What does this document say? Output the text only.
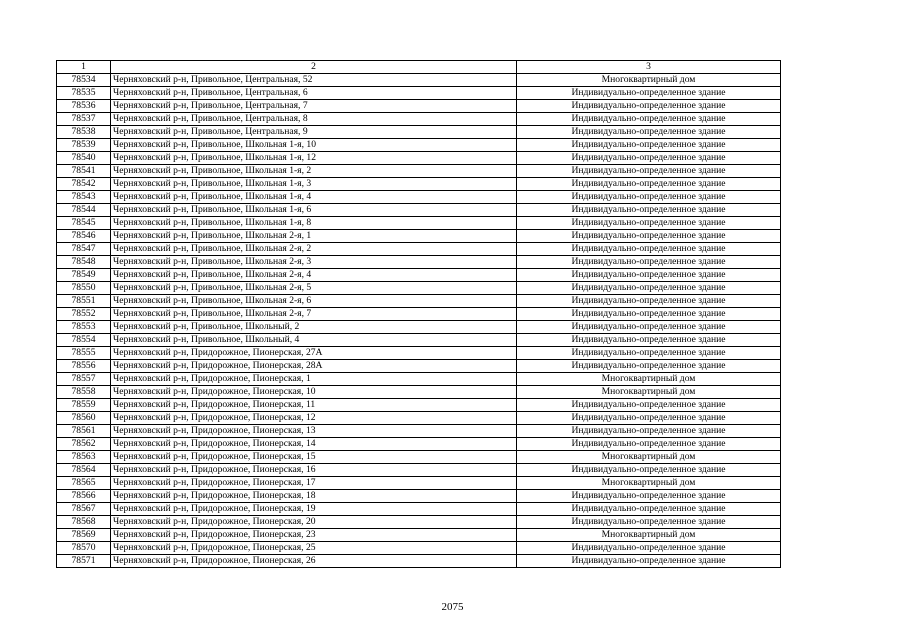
1	2	3
78534	Черняховский р-н, Привольное, Центральная, 52	Многоквартирный дом
78535	Черняховский р-н, Привольное, Центральная, 6	Индивидуально-определенное здание
78536	Черняховский р-н, Привольное, Центральная, 7	Индивидуально-определенное здание
78537	Черняховский р-н, Привольное, Центральная, 8	Индивидуально-определенное здание
78538	Черняховский р-н, Привольное, Центральная, 9	Индивидуально-определенное здание
78539	Черняховский р-н, Привольное, Школьная 1-я, 10	Индивидуально-определенное здание
78540	Черняховский р-н, Привольное, Школьная 1-я, 12	Индивидуально-определенное здание
78541	Черняховский р-н, Привольное, Школьная 1-я, 2	Индивидуально-определенное здание
78542	Черняховский р-н, Привольное, Школьная 1-я, 3	Индивидуально-определенное здание
78543	Черняховский р-н, Привольное, Школьная 1-я, 4	Индивидуально-определенное здание
78544	Черняховский р-н, Привольное, Школьная 1-я, 6	Индивидуально-определенное здание
78545	Черняховский р-н, Привольное, Школьная 1-я, 8	Индивидуально-определенное здание
78546	Черняховский р-н, Привольное, Школьная 2-я, 1	Индивидуально-определенное здание
78547	Черняховский р-н, Привольное, Школьная 2-я, 2	Индивидуально-определенное здание
78548	Черняховский р-н, Привольное, Школьная 2-я, 3	Индивидуально-определенное здание
78549	Черняховский р-н, Привольное, Школьная 2-я, 4	Индивидуально-определенное здание
78550	Черняховский р-н, Привольное, Школьная 2-я, 5	Индивидуально-определенное здание
78551	Черняховский р-н, Привольное, Школьная 2-я, 6	Индивидуально-определенное здание
78552	Черняховский р-н, Привольное, Школьная 2-я, 7	Индивидуально-определенное здание
78553	Черняховский р-н, Привольное, Школьный, 2	Индивидуально-определенное здание
78554	Черняховский р-н, Привольное, Школьный, 4	Индивидуально-определенное здание
78555	Черняховский р-н, Придорожное, Пионерская, 27А	Индивидуально-определенное здание
78556	Черняховский р-н, Придорожное, Пионерская, 28А	Индивидуально-определенное здание
78557	Черняховский р-н, Придорожное, Пионерская, 1	Многоквартирный дом
78558	Черняховский р-н, Придорожное, Пионерская, 10	Многоквартирный дом
78559	Черняховский р-н, Придорожное, Пионерская, 11	Индивидуально-определенное здание
78560	Черняховский р-н, Придорожное, Пионерская, 12	Индивидуально-определенное здание
78561	Черняховский р-н, Придорожное, Пионерская, 13	Индивидуально-определенное здание
78562	Черняховский р-н, Придорожное, Пионерская, 14	Индивидуально-определенное здание
78563	Черняховский р-н, Придорожное, Пионерская, 15	Многоквартирный дом
78564	Черняховский р-н, Придорожное, Пионерская, 16	Индивидуально-определенное здание
78565	Черняховский р-н, Придорожное, Пионерская, 17	Многоквартирный дом
78566	Черняховский р-н, Придорожное, Пионерская, 18	Индивидуально-определенное здание
78567	Черняховский р-н, Придорожное, Пионерская, 19	Индивидуально-определенное здание
78568	Черняховский р-н, Придорожное, Пионерская, 20	Индивидуально-определенное здание
78569	Черняховский р-н, Придорожное, Пионерская, 23	Многоквартирный дом
78570	Черняховский р-н, Придорожное, Пионерская, 25	Индивидуально-определенное здание
78571	Черняховский р-н, Придорожное, Пионерская, 26	Индивидуально-определенное здание
2075
